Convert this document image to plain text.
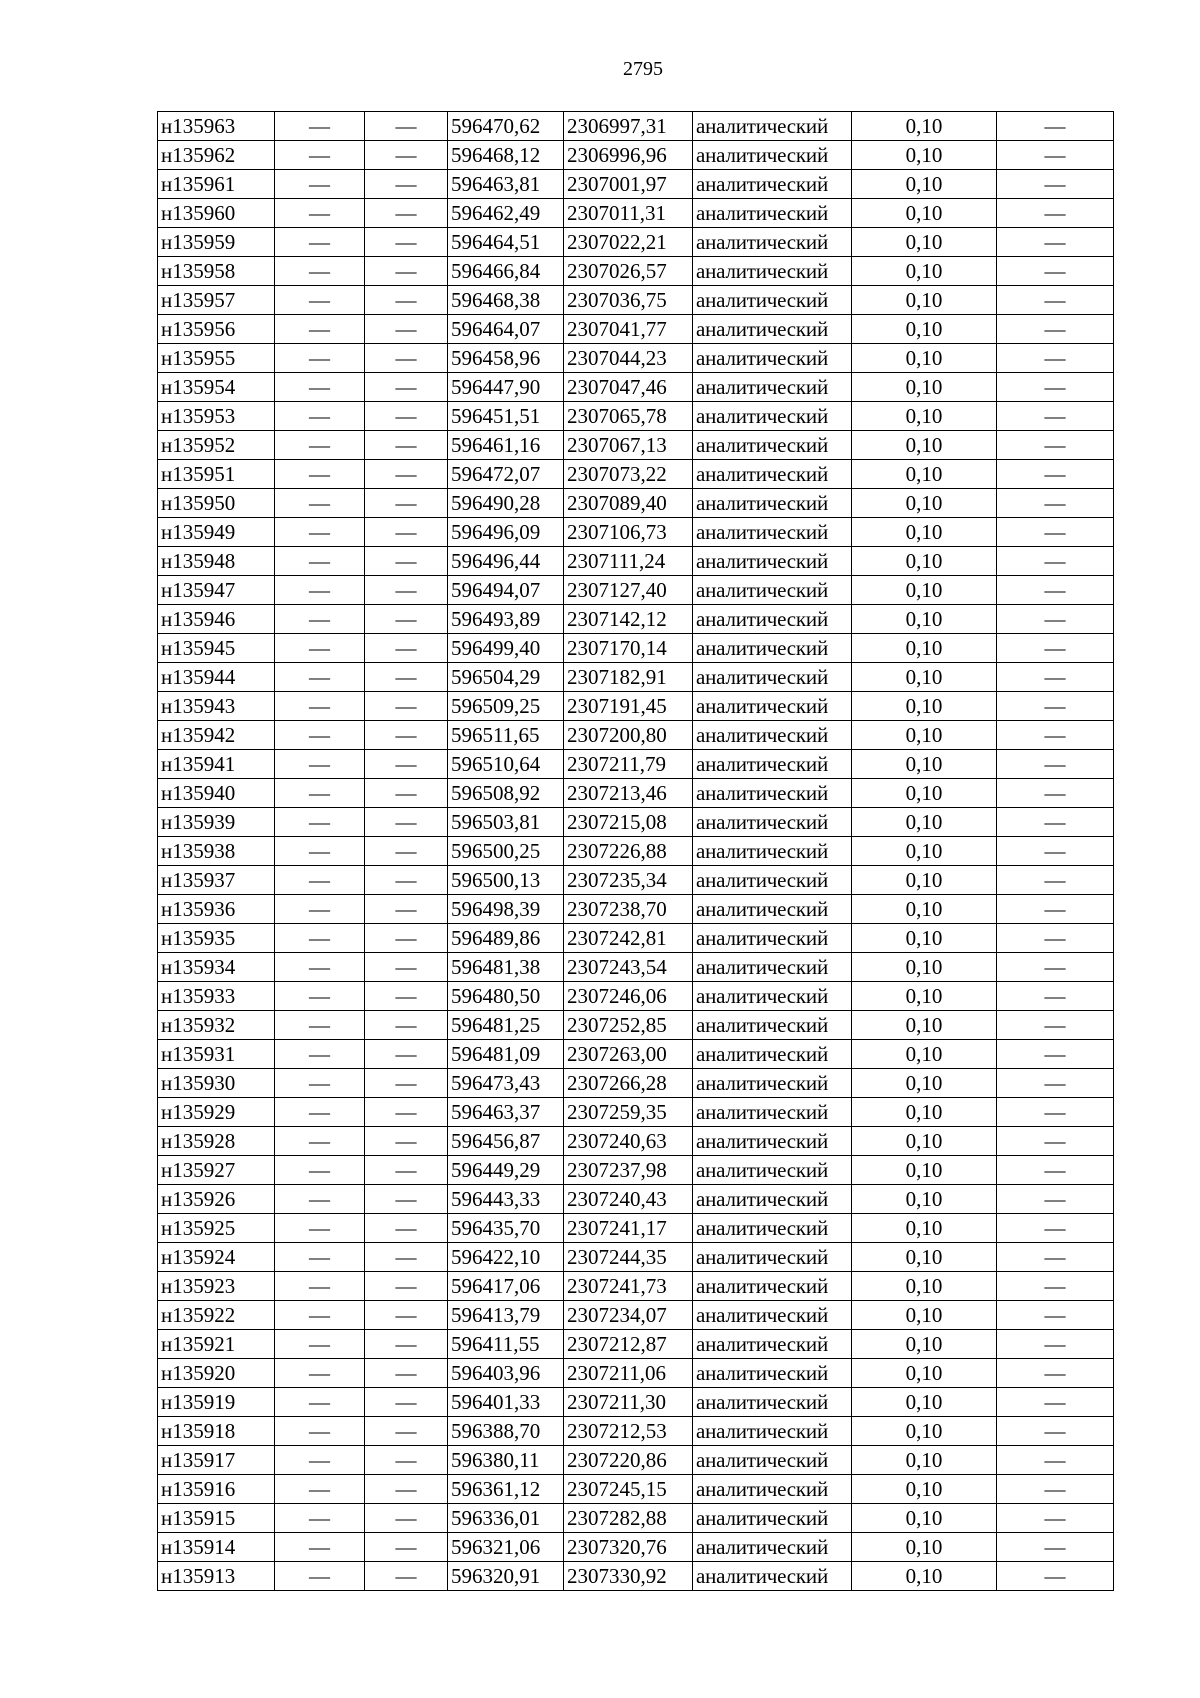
2795
н135963	—	—	596470,62	2306997,31	аналитический	0,10	—
н135962	—	—	596468,12	2306996,96	аналитический	0,10	—
н135961	—	—	596463,81	2307001,97	аналитический	0,10	—
н135960	—	—	596462,49	2307011,31	аналитический	0,10	—
н135959	—	—	596464,51	2307022,21	аналитический	0,10	—
н135958	—	—	596466,84	2307026,57	аналитический	0,10	—
н135957	—	—	596468,38	2307036,75	аналитический	0,10	—
н135956	—	—	596464,07	2307041,77	аналитический	0,10	—
н135955	—	—	596458,96	2307044,23	аналитический	0,10	—
н135954	—	—	596447,90	2307047,46	аналитический	0,10	—
н135953	—	—	596451,51	2307065,78	аналитический	0,10	—
н135952	—	—	596461,16	2307067,13	аналитический	0,10	—
н135951	—	—	596472,07	2307073,22	аналитический	0,10	—
н135950	—	—	596490,28	2307089,40	аналитический	0,10	—
н135949	—	—	596496,09	2307106,73	аналитический	0,10	—
н135948	—	—	596496,44	2307111,24	аналитический	0,10	—
н135947	—	—	596494,07	2307127,40	аналитический	0,10	—
н135946	—	—	596493,89	2307142,12	аналитический	0,10	—
н135945	—	—	596499,40	2307170,14	аналитический	0,10	—
н135944	—	—	596504,29	2307182,91	аналитический	0,10	—
н135943	—	—	596509,25	2307191,45	аналитический	0,10	—
н135942	—	—	596511,65	2307200,80	аналитический	0,10	—
н135941	—	—	596510,64	2307211,79	аналитический	0,10	—
н135940	—	—	596508,92	2307213,46	аналитический	0,10	—
н135939	—	—	596503,81	2307215,08	аналитический	0,10	—
н135938	—	—	596500,25	2307226,88	аналитический	0,10	—
н135937	—	—	596500,13	2307235,34	аналитический	0,10	—
н135936	—	—	596498,39	2307238,70	аналитический	0,10	—
н135935	—	—	596489,86	2307242,81	аналитический	0,10	—
н135934	—	—	596481,38	2307243,54	аналитический	0,10	—
н135933	—	—	596480,50	2307246,06	аналитический	0,10	—
н135932	—	—	596481,25	2307252,85	аналитический	0,10	—
н135931	—	—	596481,09	2307263,00	аналитический	0,10	—
н135930	—	—	596473,43	2307266,28	аналитический	0,10	—
н135929	—	—	596463,37	2307259,35	аналитический	0,10	—
н135928	—	—	596456,87	2307240,63	аналитический	0,10	—
н135927	—	—	596449,29	2307237,98	аналитический	0,10	—
н135926	—	—	596443,33	2307240,43	аналитический	0,10	—
н135925	—	—	596435,70	2307241,17	аналитический	0,10	—
н135924	—	—	596422,10	2307244,35	аналитический	0,10	—
н135923	—	—	596417,06	2307241,73	аналитический	0,10	—
н135922	—	—	596413,79	2307234,07	аналитический	0,10	—
н135921	—	—	596411,55	2307212,87	аналитический	0,10	—
н135920	—	—	596403,96	2307211,06	аналитический	0,10	—
н135919	—	—	596401,33	2307211,30	аналитический	0,10	—
н135918	—	—	596388,70	2307212,53	аналитический	0,10	—
н135917	—	—	596380,11	2307220,86	аналитический	0,10	—
н135916	—	—	596361,12	2307245,15	аналитический	0,10	—
н135915	—	—	596336,01	2307282,88	аналитический	0,10	—
н135914	—	—	596321,06	2307320,76	аналитический	0,10	—
н135913	—	—	596320,91	2307330,92	аналитический	0,10	—
